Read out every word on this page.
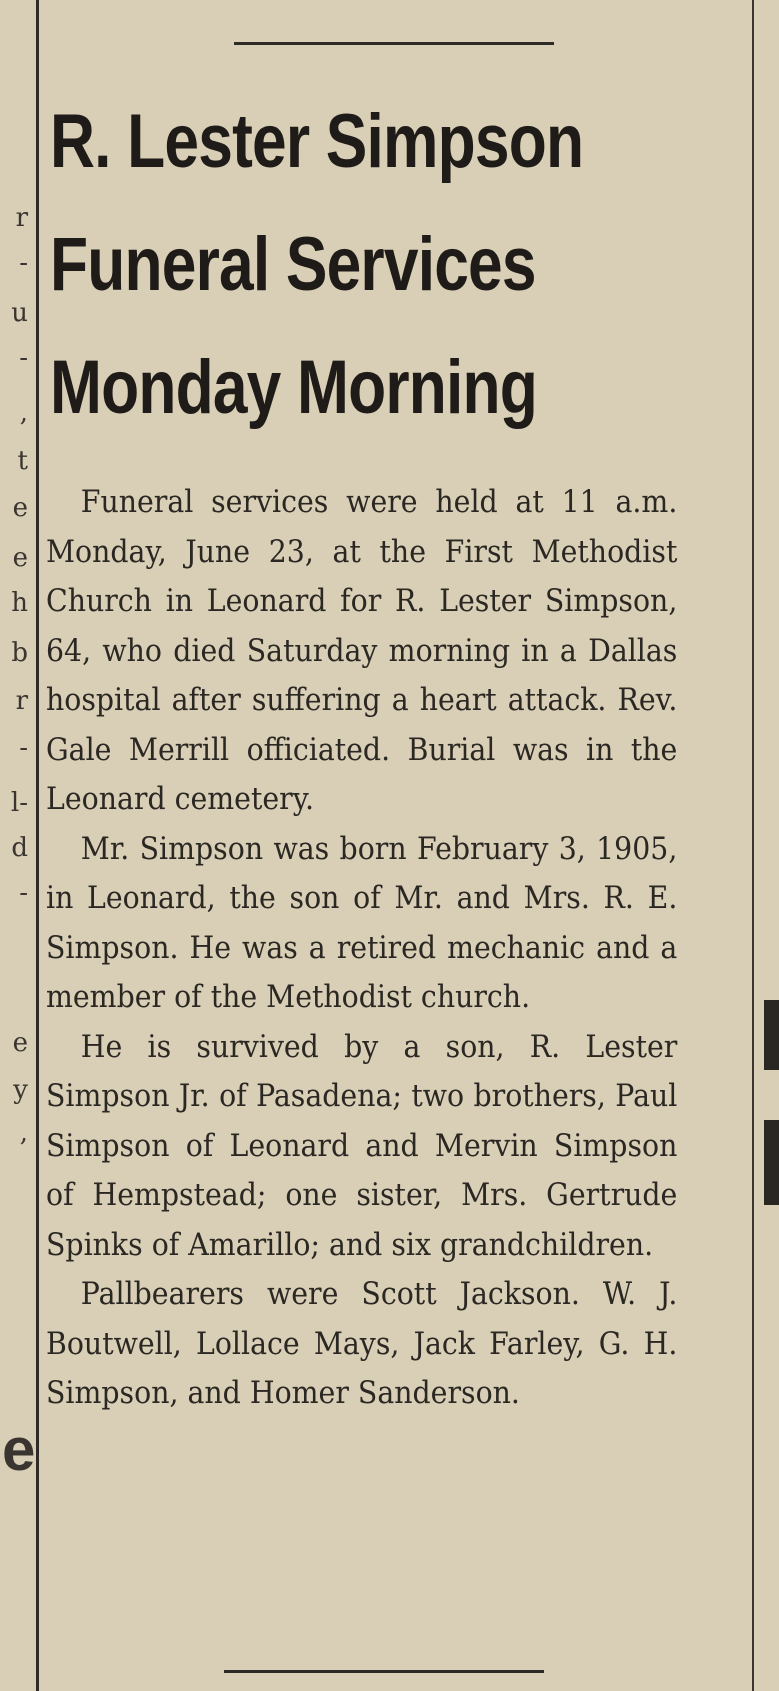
r
-
u
-
,
t
e
e
h
b
r
-
l-
d
-
e
y
,
e
R. Lester Simpson
Funeral Services
Monday Morning

Funeral services were held at 11 a.m. Monday, June 23, at the First Methodist Church in Leonard for R. Lester Simpson, 64, who died Saturday morning in a Dallas hospital after suffering a heart attack. Rev. Gale Merrill officiated. Burial was in the Leonard cemetery.

Mr. Simpson was born February 3, 1905, in Leonard, the son of Mr. and Mrs. R. E. Simpson. He was a retired mechanic and a member of the Methodist church.

He is survived by a son, R. Lester Simpson Jr. of Pasadena; two brothers, Paul Simpson of Leonard and Mervin Simpson of Hempstead; one sister, Mrs. Gertrude Spinks of Amarillo; and six grandchildren.

Pallbearers were Scott Jackson. W. J. Boutwell, Lollace Mays, Jack Farley, G. H. Simpson, and Homer Sanderson.
